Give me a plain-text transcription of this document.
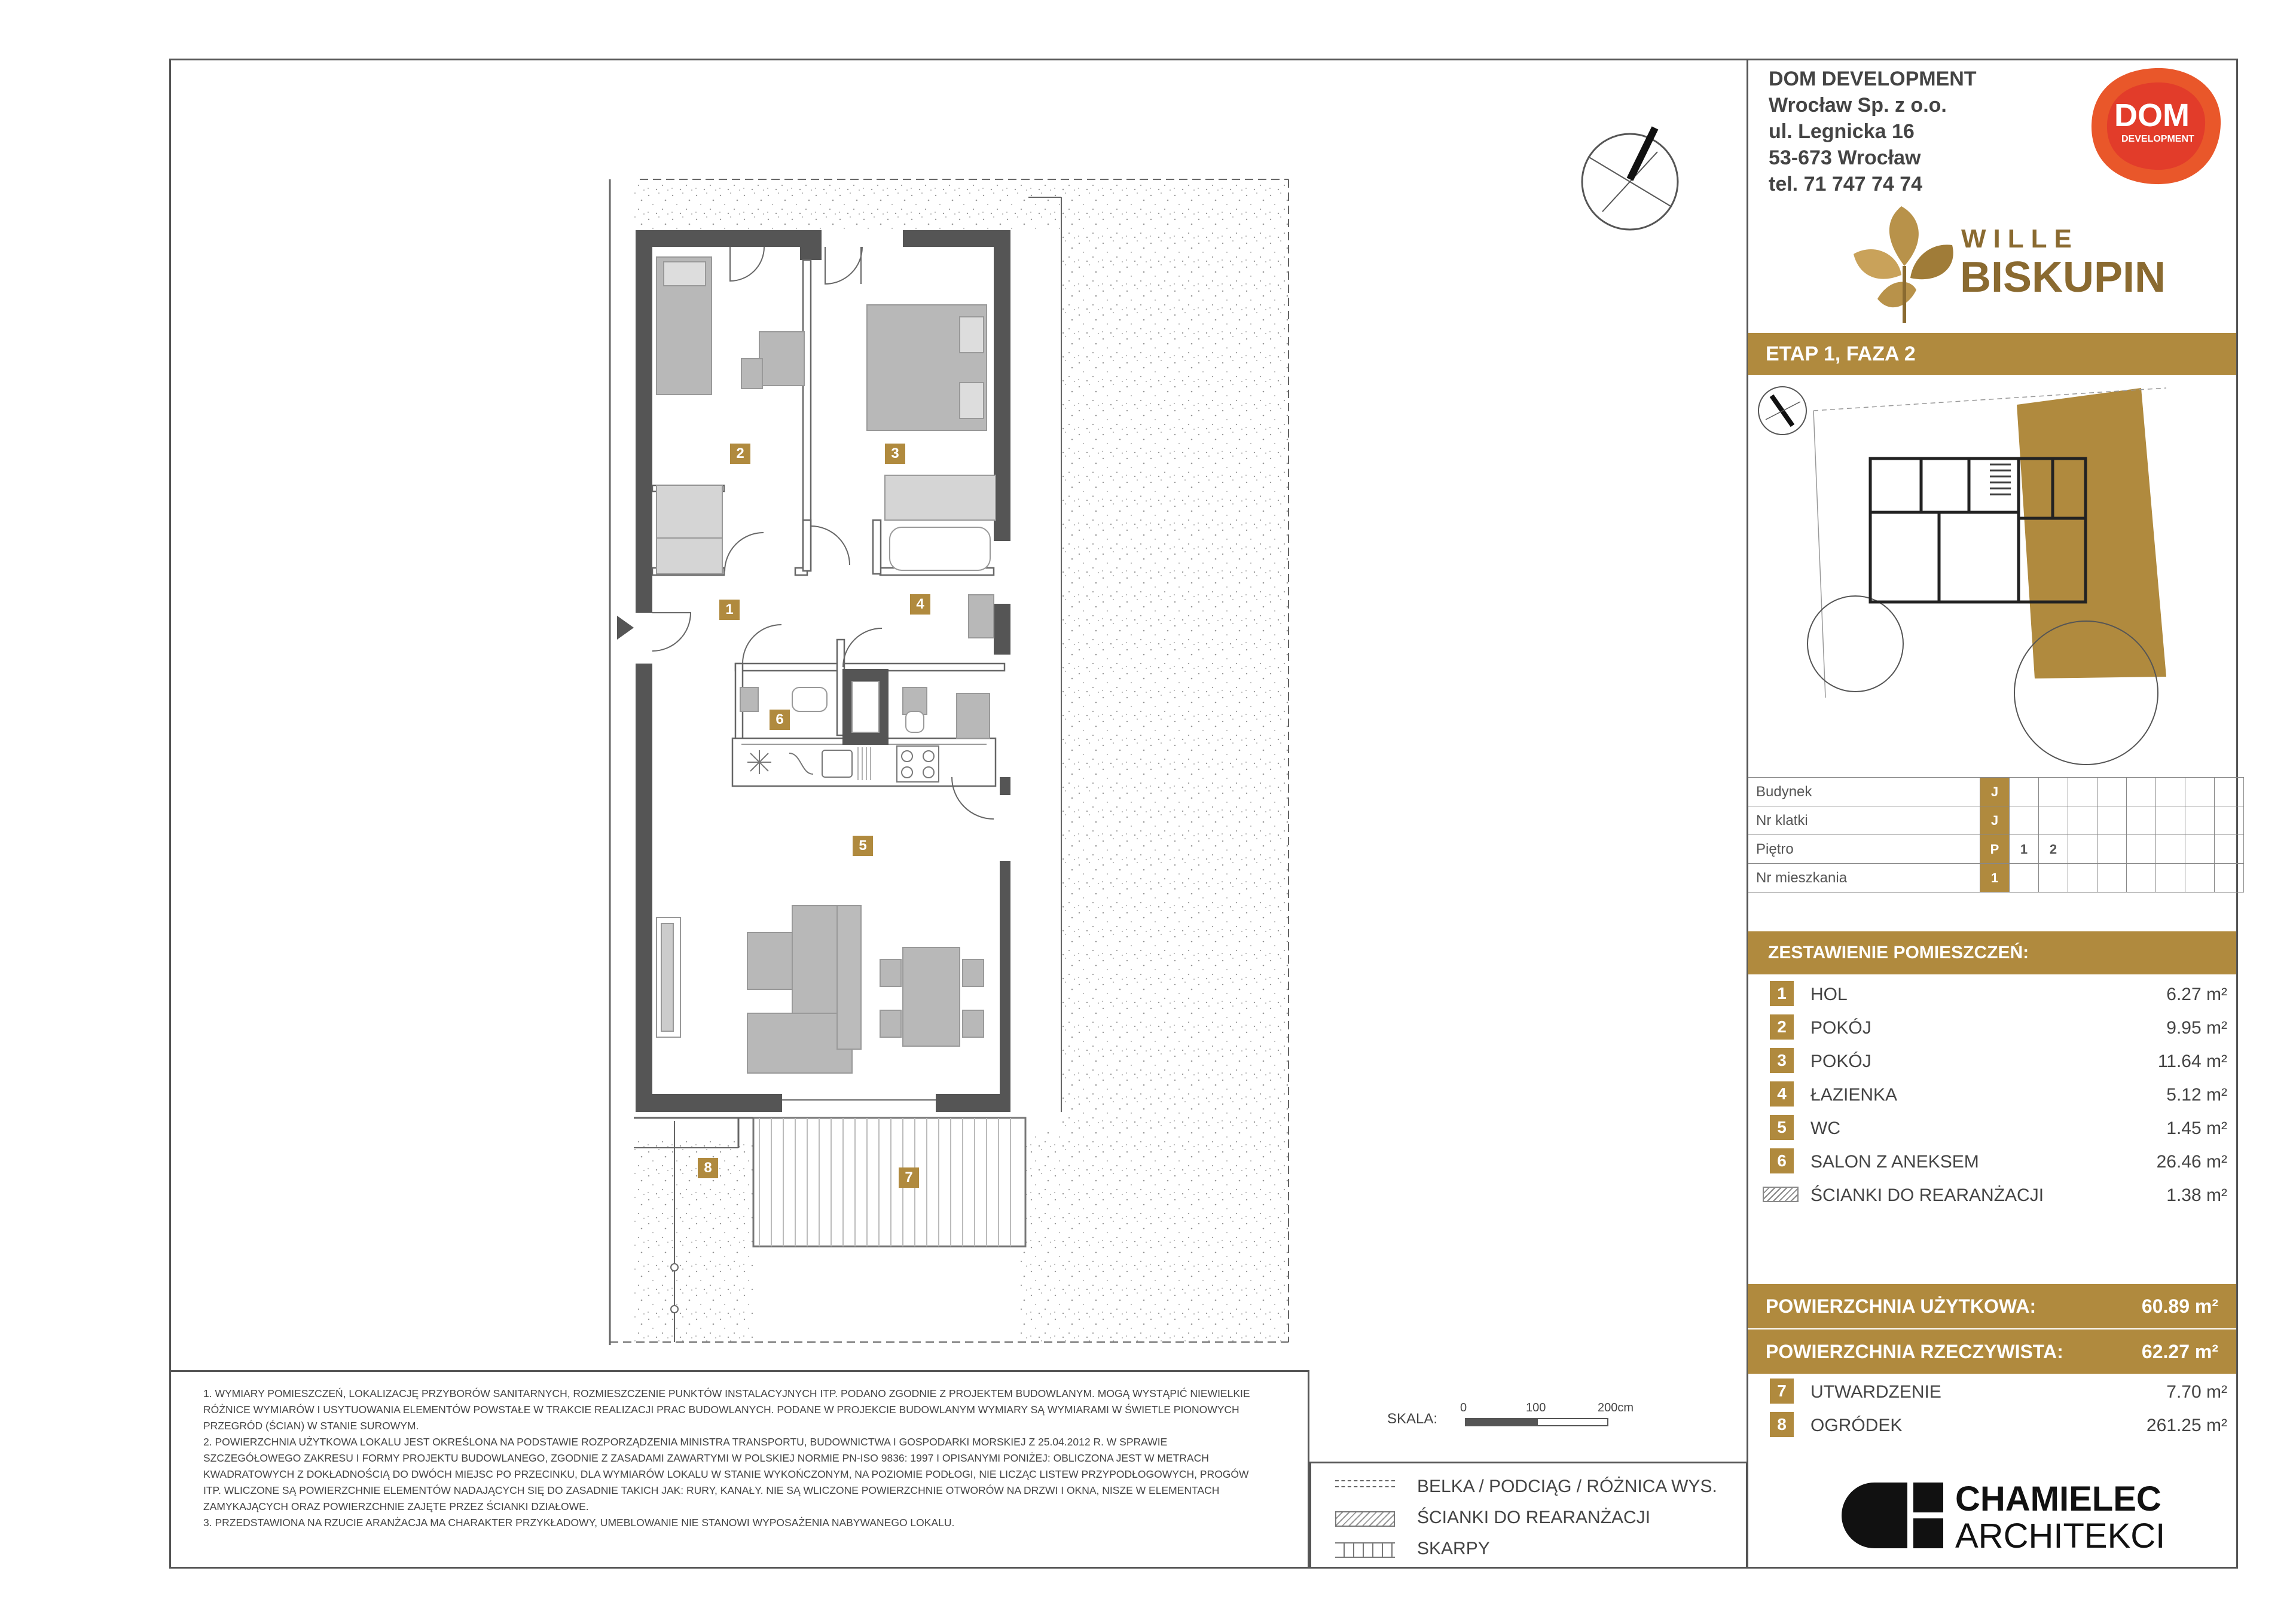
1
2	3
4
5
6
7
8
DOM DEVELOPMENT
Wrocław Sp. z o.o.
ul. Legnicka 16
53-673 Wrocław
tel. 71 747 74 74
DOM
DEVELOPMENT
WILLE
BISKUPIN
ETAP 1, FAZA 2
Budynek	J								
Nr klatki	J								
Piętro	P	1	2						
Nr mieszkania	1								
ZESTAWIENIE POMIESZCZEŃ:
1	HOL	6.27 m²
2	POKÓJ	9.95 m²
3	POKÓJ	11.64 m²
4	ŁAZIENKA	5.12 m²
5	WC	1.45 m²
6	SALON Z ANEKSEM	26.46 m²
ŚCIANKI DO REARANŻACJI	1.38 m²
POWIERZCHNIA UŻYTKOWA:	60.89 m²
POWIERZCHNIA RZECZYWISTA:	62.27 m²
7	UTWARDZENIE	7.70 m²
8	OGRÓDEK	261.25 m²

1. WYMIARY POMIESZCZEŃ, LOKALIZACJĘ PRZYBORÓW SANITARNYCH, ROZMIESZCZENIE PUNKTÓW INSTALACYJNYCH ITP. PODANO ZGODNIE Z PROJEKTEM BUDOWLANYM. MOGĄ WYSTĄPIĆ NIEWIELKIE RÓŻNICE WYMIARÓW I USYTUOWANIA ELEMENTÓW POWSTAŁE W TRAKCIE REALIZACJI PRAC BUDOWLANYCH. PODANE W PROJEKCIE BUDOWLANYM WYMIARY SĄ WYMIARAMI W ŚWIETLE PIONOWYCH PRZEGRÓD (ŚCIAN) W STANIE SUROWYM.

2. POWIERZCHNIA UŻYTKOWA LOKALU JEST OKREŚLONA NA PODSTAWIE ROZPORZĄDZENIA MINISTRA TRANSPORTU, BUDOWNICTWA I GOSPODARKI MORSKIEJ Z 25.04.2012 R. W SPRAWIE SZCZEGÓŁOWEGO ZAKRESU I FORMY PROJEKTU BUDOWLANEGO, ZGODNIE Z ZASADAMI ZAWARTYMI W POLSKIEJ NORMIE PN-ISO 9836: 1997 I OPISANYMI PONIŻEJ: OBLICZONA JEST W METRACH KWADRATOWYCH Z DOKŁADNOŚCIĄ DO DWÓCH MIEJSC PO PRZECINKU, DLA WYMIARÓW LOKALU W STANIE WYKOŃCZONYM, NA POZIOMIE PODŁOGI, NIE LICZĄC LISTEW PRZYPODŁOGOWYCH, PROGÓW ITP. WLICZONE SĄ POWIERZCHNIE ELEMENTÓW NADAJĄCYCH SIĘ DO ZASADNIE TAKICH JAK: RURY, KANAŁY. NIE SĄ WLICZONE POWIERZCHNIE OTWORÓW NA DRZWI I OKNA, NISZE W ELEMENTACH ZAMYKAJĄCYCH ORAZ POWIERZCHNIE ZAJĘTE PRZEZ ŚCIANKI DZIAŁOWE.

3. PRZEDSTAWIONA NA RZUCIE ARANŻACJA MA CHARAKTER PRZYKŁADOWY, UMEBLOWANIE NIE STANOWI WYPOSAŻENIA NABYWANEGO LOKALU.

SKALA:
0	100	200cm
BELKA / PODCIĄG / RÓŻNICA WYS.
ŚCIANKI DO REARANŻACJI
SKARPY
CHAMIELEC
ARCHITEKCI
